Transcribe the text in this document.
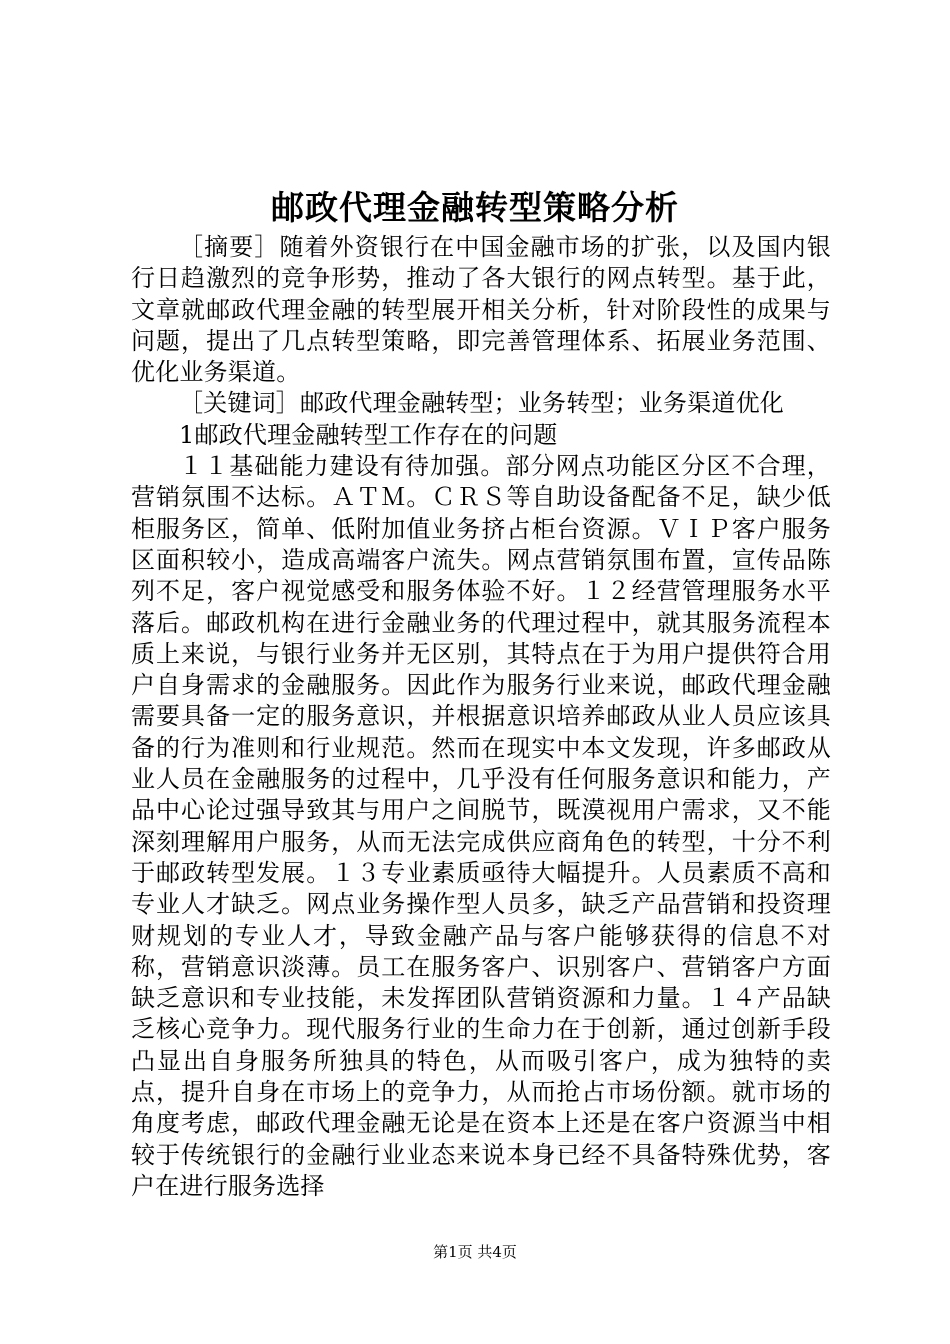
邮政代理金融转型策略分析

［摘要］随着外资银行在中国金融市场的扩张，以及国内银行日趋激烈的竞争形势，推动了各大银行的网点转型。基于此，文章就邮政代理金融的转型展开相关分析，针对阶段性的成果与问题，提出了几点转型策略，即完善管理体系、拓展业务范围、优化业务渠道。

［关键词］邮政代理金融转型；业务转型；业务渠道优化

1邮政代理金融转型工作存在的问题

１１基础能力建设有待加强。部分网点功能区分区不合理，营销氛围不达标。ＡＴＭ。ＣＲＳ等自助设备配备不足，缺少低柜服务区，简单、低附加值业务挤占柜台资源。ＶＩＰ客户服务区面积较小，造成高端客户流失。网点营销氛围布置，宣传品陈列不足，客户视觉感受和服务体验不好。１２经营管理服务水平落后。邮政机构在进行金融业务的代理过程中，就其服务流程本质上来说，与银行业务并无区别，其特点在于为用户提供符合用户自身需求的金融服务。因此作为服务行业来说，邮政代理金融需要具备一定的服务意识，并根据意识培养邮政从业人员应该具备的行为准则和行业规范。然而在现实中本文发现，许多邮政从业人员在金融服务的过程中，几乎没有任何服务意识和能力，产品中心论过强导致其与用户之间脱节，既漠视用户需求，又不能深刻理解用户服务，从而无法完成供应商角色的转型，十分不利于邮政转型发展。１３专业素质亟待大幅提升。人员素质不高和专业人才缺乏。网点业务操作型人员多，缺乏产品营销和投资理财规划的专业人才，导致金融产品与客户能够获得的信息不对称，营销意识淡薄。员工在服务客户、识别客户、营销客户方面缺乏意识和专业技能，未发挥团队营销资源和力量。１４产品缺乏核心竞争力。现代服务行业的生命力在于创新，通过创新手段凸显出自身服务所独具的特色，从而吸引客户，成为独特的卖点，提升自身在市场上的竞争力，从而抢占市场份额。就市场的角度考虑，邮政代理金融无论是在资本上还是在客户资源当中相较于传统银行的金融行业业态来说本身已经不具备特殊优势，客户在进行服务选择

第1页 共4页
